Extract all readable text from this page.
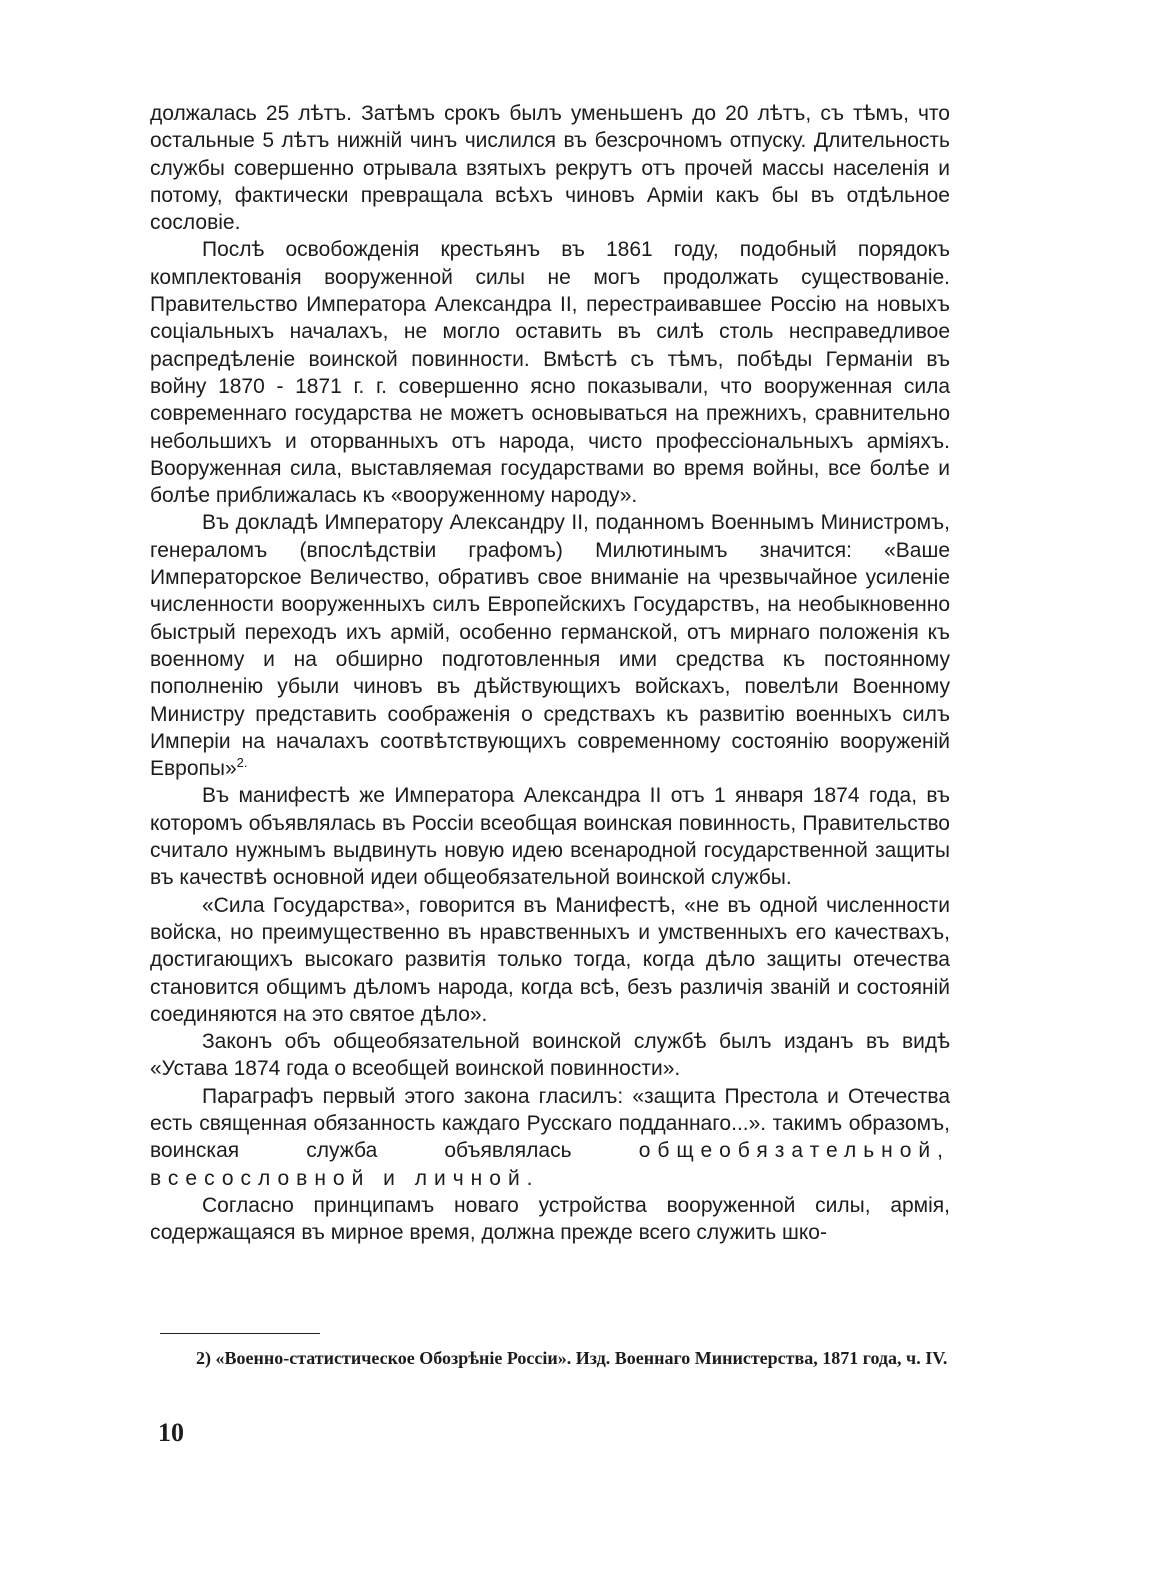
должалась 25 лѣтъ. Затѣмъ срокъ былъ уменьшенъ до 20 лѣтъ, съ тѣмъ, что остальные 5 лѣтъ нижній чинъ числился въ безсрочномъ отпуску. Длительность службы совершенно отрывала взятыхъ рекрутъ отъ прочей массы населенія и потому, фактически превращала всѣхъ чиновъ Арміи какъ бы въ отдѣльное сословіе.

Послѣ освобожденія крестьянъ въ 1861 году, подобный порядокъ комплектованія вооруженной силы не могъ продолжать существованіе. Правительство Императора Александра II, перестраивавшее Россію на новыхъ соціальныхъ началахъ, не могло оставить въ силѣ столь несправедливое распредѣленіе воинской повинности. Вмѣстѣ съ тѣмъ, побѣды Германіи въ войну 1870 - 1871 г. г. совершенно ясно показывали, что вооруженная сила современнаго государства не можетъ основываться на прежнихъ, сравнительно небольшихъ и оторванныхъ отъ народа, чисто профессіональныхъ арміяхъ. Вооруженная сила, выставляемая государствами во время войны, все болѣе и болѣе приближалась къ «вооруженному народу».

Въ докладѣ Императору Александру II, поданномъ Военнымъ Министромъ, генераломъ (впослѣдствіи графомъ) Милютинымъ значится: «Ваше Императорское Величество, обративъ свое вниманіе на чрезвычайное усиленіе численности вооруженныхъ силъ Европейскихъ Государствъ, на необыкновенно быстрый переходъ ихъ армій, особенно германской, отъ мирнаго положенія къ военному и на обширно подготовленныя ими средства къ постоянному пополненію убыли чиновъ въ дѣйствующихъ войскахъ, повелѣли Военному Министру представить соображенія о средствахъ къ развитію военныхъ силъ Имперіи на началахъ соотвѣтствующихъ современному состоянію вооруженій Европы»$^{2.}$

Въ манифестѣ же Императора Александра II отъ 1 января 1874 года, въ которомъ объявлялась въ Россіи всеобщая воинская повинность, Правительство считало нужнымъ выдвинуть новую идею всенародной государственной защиты въ качествѣ основной идеи общеобязательной воинской службы.

«Сила Государства», говорится въ Манифестѣ, «не въ одной численности войска, но преимущественно въ нравственныхъ и умственныхъ его качествахъ, достигающихъ высокаго развитія только тогда, когда дѣло защиты отечества становится общимъ дѣломъ народа, когда всѣ, безъ различія званій и состояній соединяются на это святое дѣло».

Законъ объ общеобязательной воинской службѣ былъ изданъ въ видѣ «Устава 1874 года о всеобщей воинской повинности».

Параграфъ первый этого закона гласилъ: «защита Престола и Отечества есть священная обязанность каждаго Русскаго подданнаго...». такимъ образомъ, воинская служба объявлялась	общеобязательной, всесословной и личной.

Согласно принципамъ новаго устройства вооруженной силы, армія, содержащаяся въ мирное время, должна прежде всего служить шко-

2) «Военно-статистическое Обозрѣніе Россіи». Изд. Военнаго Министерства, 1871 года, ч. IV.
10
